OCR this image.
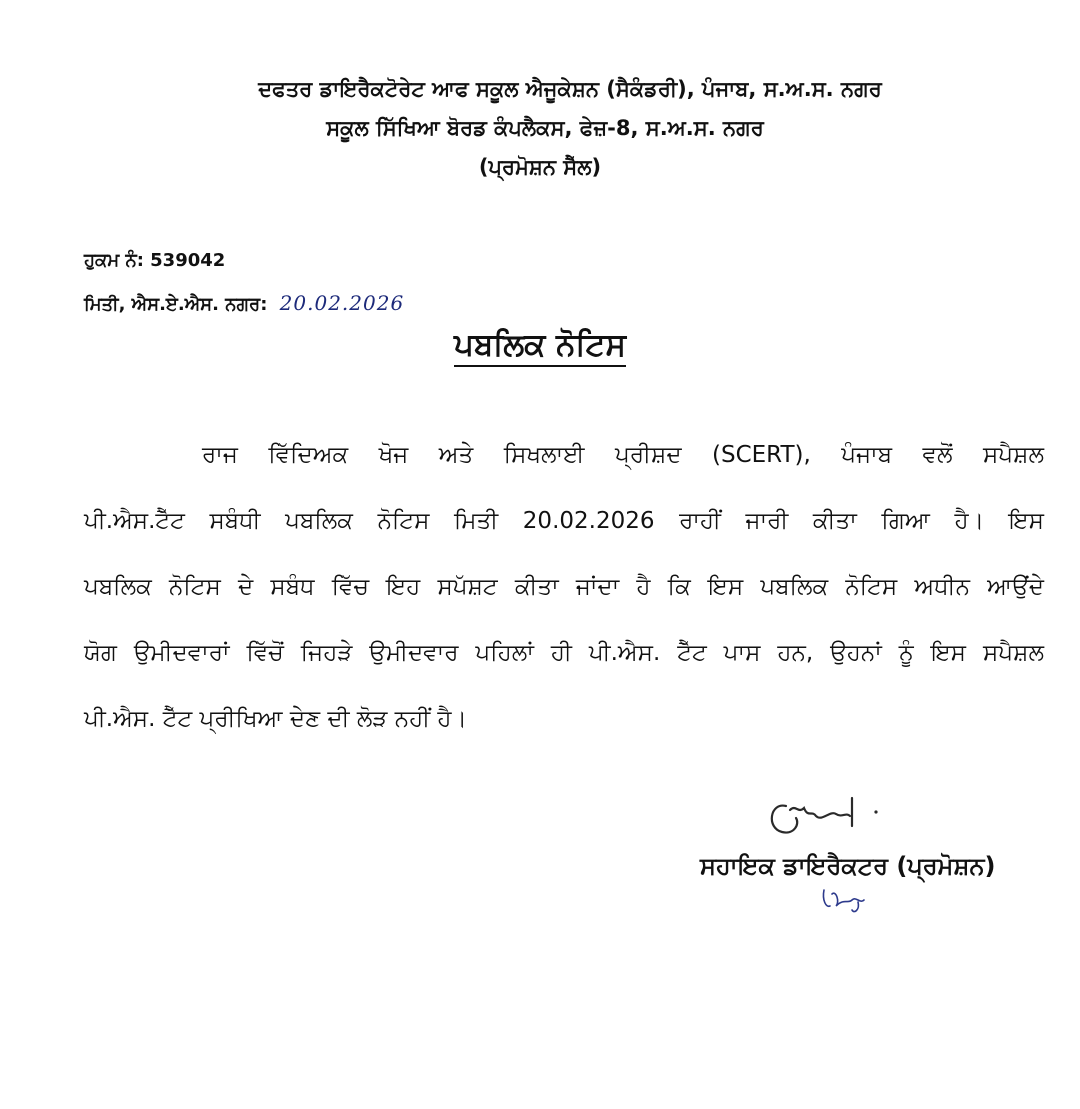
ਦਫਤਰ ਡਾਇਰੈਕਟੋਰੇਟ ਆਫ ਸਕੂਲ ਐਜੂਕੇਸ਼ਨ (ਸੈਕੰਡਰੀ), ਪੰਜਾਬ, ਸ.ਅ.ਸ. ਨਗਰ
ਸਕੂਲ ਸਿੱਖਿਆ ਬੋਰਡ ਕੰਪਲੈਕਸ, ਫੇਜ਼-8, ਸ.ਅ.ਸ. ਨਗਰ
(ਪ੍ਰਮੋਸ਼ਨ ਸੈੱਲ)
ਹੁਕਮ ਨੰ: 539042
ਮਿਤੀ, ਐਸ.ਏ.ਐਸ. ਨਗਰ: 20.02.2026
ਪਬਲਿਕ ਨੋਟਿਸ
ਰਾਜ ਵਿੱਦਿਅਕ ਖੋਜ ਅਤੇ ਸਿਖਲਾਈ ਪ੍ਰੀਸ਼ਦ (SCERT), ਪੰਜਾਬ ਵਲੋਂ ਸਪੈਸ਼ਲ
ਪੀ.ਐਸ.ਟੈੱਟ ਸਬੰਧੀ ਪਬਲਿਕ ਨੋਟਿਸ ਮਿਤੀ 20.02.2026 ਰਾਹੀਂ ਜਾਰੀ ਕੀਤਾ ਗਿਆ ਹੈ। ਇਸ
ਪਬਲਿਕ ਨੋਟਿਸ ਦੇ ਸਬੰਧ ਵਿੱਚ ਇਹ ਸਪੱਸ਼ਟ ਕੀਤਾ ਜਾਂਦਾ ਹੈ ਕਿ ਇਸ ਪਬਲਿਕ ਨੋਟਿਸ ਅਧੀਨ ਆਉਂਦੇ
ਯੋਗ ਉਮੀਦਵਾਰਾਂ ਵਿੱਚੋਂ ਜਿਹੜੇ ਉਮੀਦਵਾਰ ਪਹਿਲਾਂ ਹੀ ਪੀ.ਐਸ. ਟੈੱਟ ਪਾਸ ਹਨ, ਉਹਨਾਂ ਨੂੰ ਇਸ ਸਪੈਸ਼ਲ
ਪੀ.ਐਸ. ਟੈੱਟ ਪ੍ਰੀਖਿਆ ਦੇਣ ਦੀ ਲੋੜ ਨਹੀਂ ਹੈ।
ਸਹਾਇਕ ਡਾਇਰੈਕਟਰ (ਪ੍ਰਮੋਸ਼ਨ)
